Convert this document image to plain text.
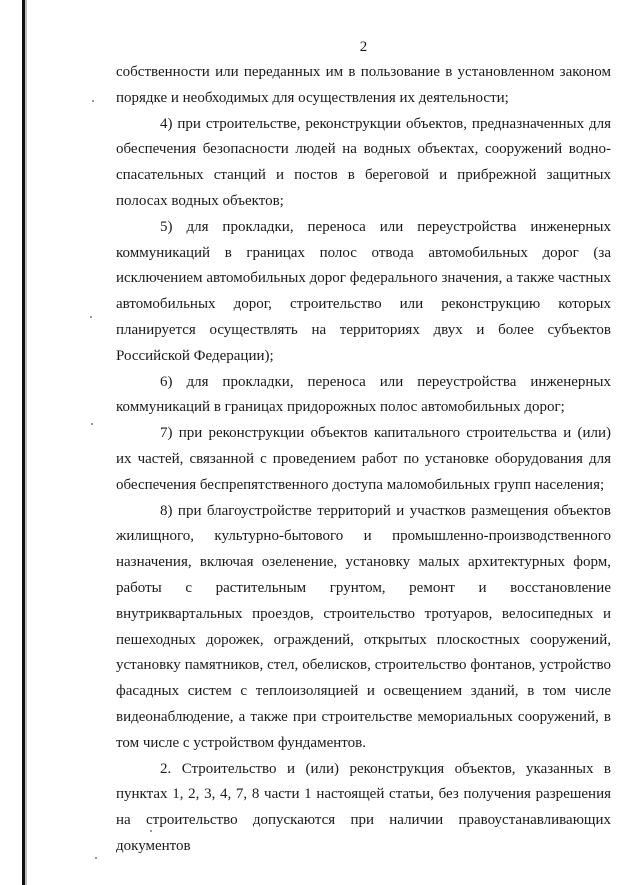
2

собственности или переданных им в пользование в установленном законом порядке и необходимых для осуществления их деятельности;

4) при строительстве, реконструкции объектов, предназначенных для обеспечения безопасности людей на водных объектах, сооружений водно-спасательных станций и постов в береговой и прибрежной защитных полосах водных объектов;

5) для прокладки, переноса или переустройства инженерных коммуникаций в границах полос отвода автомобильных дорог (за исключением автомобильных дорог федерального значения, а также частных автомобильных дорог, строительство или реконструкцию которых планируется осуществлять на территориях двух и более субъектов Российской Федерации);

6) для прокладки, переноса или переустройства инженерных коммуникаций в границах придорожных полос автомобильных дорог;

7) при реконструкции объектов капитального строительства и (или) их частей, связанной с проведением работ по установке оборудования для обеспечения беспрепятственного доступа маломобильных групп населения;

8) при благоустройстве территорий и участков размещения объектов жилищного, культурно-бытового и промышленно-производственного назначения, включая озеленение, установку малых архитектурных форм, работы с растительным грунтом, ремонт и восстановление внутриквартальных проездов, строительство тротуаров, велосипедных и пешеходных дорожек, ограждений, открытых плоскостных сооружений, установку памятников, стел, обелисков, строительство фонтанов, устройство фасадных систем с теплоизоляцией и освещением зданий, в том числе видеонаблюдение, а также при строительстве мемориальных сооружений, в том числе с устройством фундаментов.

2. Строительство и (или) реконструкция объектов, указанных в пунктах 1, 2, 3, 4, 7, 8 части 1 настоящей статьи, без получения разрешения на строительство допускаются при наличии правоустанавливающих документов
